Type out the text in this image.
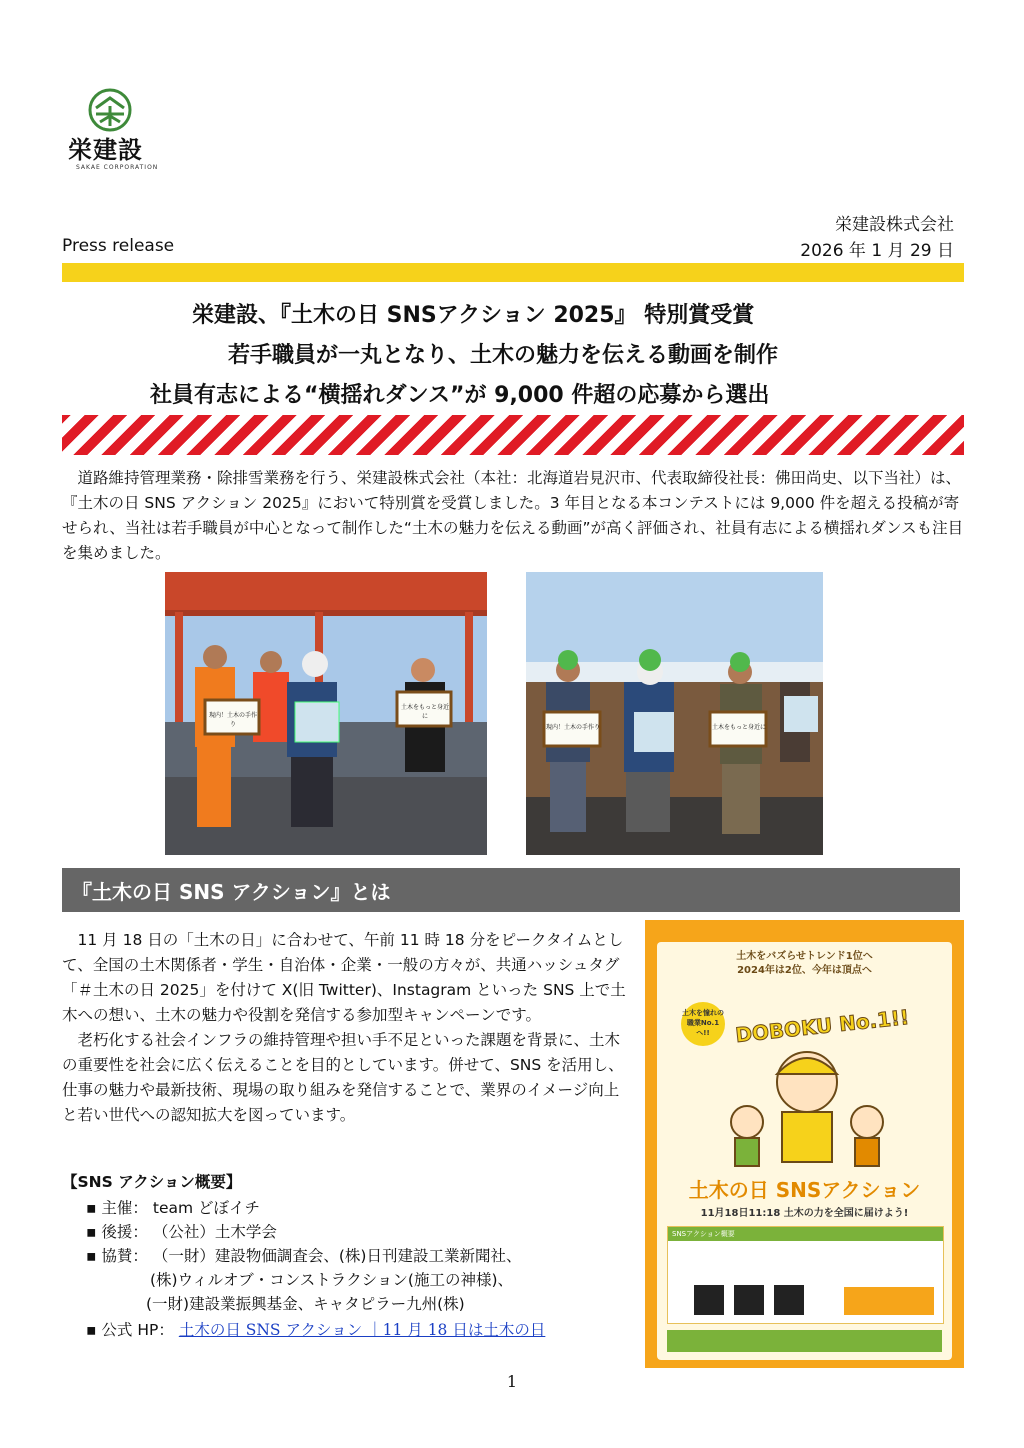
栄建設
SAKAE CORPORATION
Press release
栄建設株式会社
2026 年 1 月 29 日
栄建設、『土木の日 SNSアクション 2025』 特別賞受賞
若手職員が一丸となり、土木の魅力を伝える動画を制作
社員有志による“横揺れダンス”が 9,000 件超の応募から選出

道路維持管理業務・除排雪業務を行う、栄建設株式会社（本社：北海道岩見沢市、代表取締役社長：佛田尚史、以下当社）は、『土木の日 SNS アクション 2025』において特別賞を受賞しました。3 年目となる本コンテストには 9,000 件を超える投稿が寄せられ、当社は若手職員が中心となって制作した“土木の魅力を伝える動画”が高く評価され、社員有志による横揺れダンスも注目を集めました。

現内！土木の手作り
土木をもっと身近に
現内！土木の手作り	土木をもっと身近に
『土木の日 SNS アクション』とは

11 月 18 日の「土木の日」に合わせて、午前 11 時 18 分をピークタイムとして、全国の土木関係者・学生・自治体・企業・一般の方々が、共通ハッシュタグ「＃土木の日 2025」を付けて X(旧 Twitter)、Instagram といった SNS 上で土木への想い、土木の魅力や役割を発信する参加型キャンペーンです。

老朽化する社会インフラの維持管理や担い手不足といった課題を背景に、土木の重要性を社会に広く伝えることを目的としています。併せて、SNS を活用し、仕事の魅力や最新技術、現場の取り組みを発信することで、業界のイメージ向上と若い世代への認知拡大を図っています。

【SNS アクション概要】
▪ 主催： team どぼイチ
▪ 後援： （公社）土木学会
▪ 協賛： （一財）建設物価調査会、(株)日刊建設工業新聞社、
(株)ウィルオブ・コンストラクション(施工の神様)、
(一財)建設業振興基金、キャタピラー九州(株)
▪ 公式 HP： 土木の日 SNS アクション ｜11 月 18 日は土木の日
土木をバズらせトレンド1位へ
2024年は2位、今年は頂点へ
土木を憧れの職業No.1へ!!	DOBOKU No.1!!
土木の日 SNSアクション
11月18日11:18 土木の力を全国に届けよう!
SNSアクション概要
1
